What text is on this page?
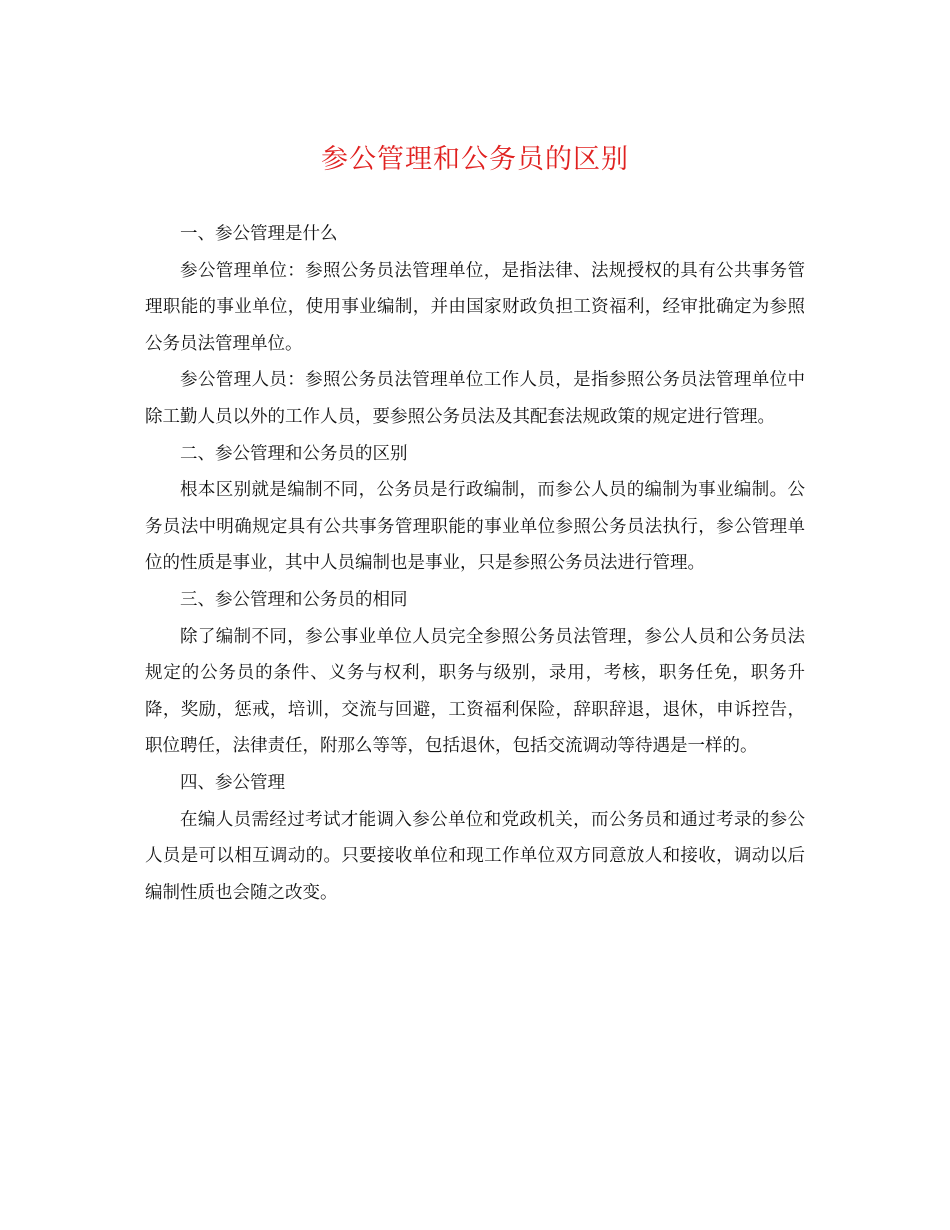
参公管理和公务员的区别

一、参公管理是什么

参公管理单位：参照公务员法管理单位，是指法律、法规授权的具有公共事务管理职能的事业单位，使用事业编制，并由国家财政负担工资福利，经审批确定为参照公务员法管理单位。

参公管理人员：参照公务员法管理单位工作人员，是指参照公务员法管理单位中除工勤人员以外的工作人员，要参照公务员法及其配套法规政策的规定进行管理。

二、参公管理和公务员的区别

根本区别就是编制不同，公务员是行政编制，而参公人员的编制为事业编制。公务员法中明确规定具有公共事务管理职能的事业单位参照公务员法执行，参公管理单位的性质是事业，其中人员编制也是事业，只是参照公务员法进行管理。

三、参公管理和公务员的相同

除了编制不同，参公事业单位人员完全参照公务员法管理，参公人员和公务员法规定的公务员的条件、义务与权利，职务与级别，录用，考核，职务任免，职务升降，奖励，惩戒，培训，交流与回避，工资福利保险，辞职辞退，退休，申诉控告，职位聘任，法律责任，附那么等等，包括退休，包括交流调动等待遇是一样的。

四、参公管理

在编人员需经过考试才能调入参公单位和党政机关，而公务员和通过考录的参公人员是可以相互调动的。只要接收单位和现工作单位双方同意放人和接收，调动以后编制性质也会随之改变。
